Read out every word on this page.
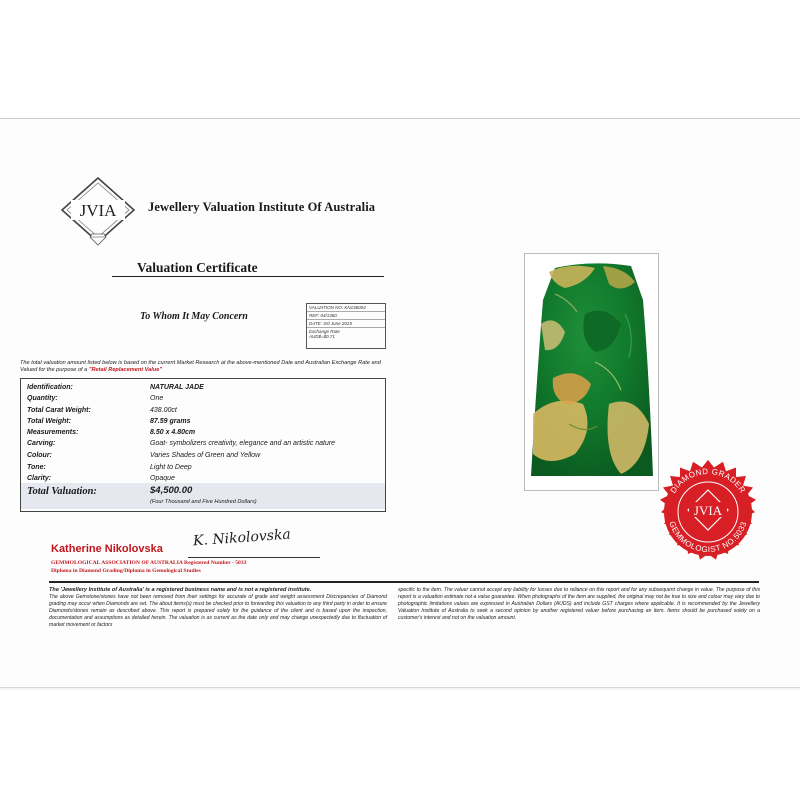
JVIA	Jewellery Valuation Institute Of Australia
Valuation Certificate
To Whom It May Concern
VALUATION NO: KN136004
REF: 04/1360
DATE: 3rd June 2025
Exchange Rate
AUD$=$0.71
The total valuation amount listed below is based on the current Market Research at the above-mentioned Date and Australian Exchange Rate and Valued for the purpose of a "Retail Replacement Value"
Identification:	NATURAL JADE
Quantity:	One
Total Carat Weight:	438.00ct
Total Weight:	87.59 grams
Measurements:	8.50 x 4.80cm
Carving:	Goat- symbolizers creativity, elegance and an artistic nature
Colour:	Varies Shades of Green and Yellow
Tone:	Light to Deep
Clarity:	Opaque
Total Valuation:	$4,500.00
(Four Thousand and Five Hundred Dollars)
DIAMOND GRADER
GEMMOLOGIST NO.5033
JVIA
Katherine Nikolovska K. Nikolovska
GEMMOLOGICAL ASSOCIATION OF AUSTRALIA Registered Number - 5033
Diploma in Diamond Grading/Diploma in Gemological Studies
The 'Jewellery Institute of Australia' is a registered business name and is not a registered institute.
The above Gemstone/stones have not been removed from their settings for accurate of grade and weight assessment Discrepancies of Diamond grading may occur when Diamonds are set. The about items(s) must be checked prior to forwarding this valuation to any third party in order to ensure Diamonds/stones remain as described above. This report is prepared solely for the guidance of the client and is based upon the inspection, documentation and assumptions as detailed herein. The valuation is as current as the date only and may change unexpectedly due to fluctuation of market movement or factors
specific to the item. The valuer cannot accept any liability for losses due to reliance on this report and for any subsequent change in value. The purpose of this report is a valuation estimate not a value guarantee. When photographs of the item are supplied, the original may not be true to size and colour may vary due to photographic limitations values are expressed in Australian Dollars (AUDS) and include GST charges where applicable. It is recommended by the Jewellery Valuation Institute of Australia to seek a second opinion by another registered valuer before purchasing an item. Items should be purchased solely on a customer's interest and not on the valuation amount.
